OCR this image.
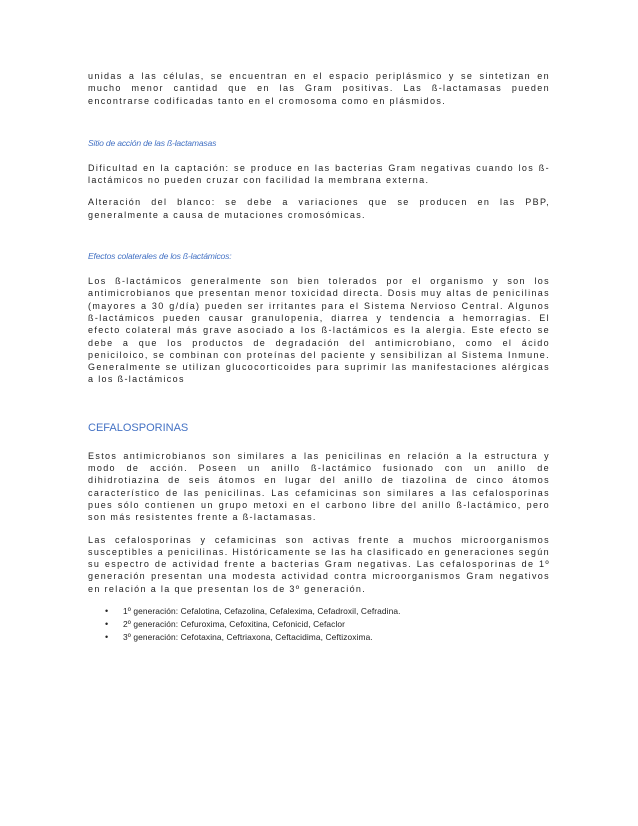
unidas a las células, se encuentran en el espacio periplásmico y se sintetizan en mucho menor cantidad que en las Gram positivas. Las ß-lactamasas pueden encontrarse codificadas tanto en el cromosoma como en plásmidos.

Sitio de acción de las ß-lactamasas

Dificultad en la captación: se produce en las bacterias Gram negativas cuando los ß-lactámicos no pueden cruzar con facilidad la membrana externa.

Alteración del blanco: se debe a variaciones que se producen en las PBP, generalmente a causa de mutaciones cromosómicas.

Efectos colaterales de los ß-lactámicos:

Los ß-lactámicos generalmente son bien tolerados por el organismo y son los antimicrobianos que presentan menor toxicidad directa. Dosis muy altas de penicilinas (mayores a 30 g/día) pueden ser irritantes para el Sistema Nervioso Central. Algunos ß-lactámicos pueden causar granulopenia, diarrea y tendencia a hemorragias. El efecto colateral más grave asociado a los ß-lactámicos es la alergia. Este efecto se debe a que los productos de degradación del antimicrobiano, como el ácido peniciloico, se combinan con proteínas del paciente y sensibilizan al Sistema Inmune. Generalmente se utilizan glucocorticoides para suprimir las manifestaciones alérgicas a los ß-lactámicos

CEFALOSPORINAS

Estos antimicrobianos son similares a las penicilinas en relación a la estructura y modo de acción. Poseen un anillo ß-lactámico fusionado con un anillo de dihidrotiazina de seis átomos en lugar del anillo de tiazolina de cinco átomos característico de las penicilinas. Las cefamicinas son similares a las cefalosporinas pues sólo contienen un grupo metoxi en el carbono libre del anillo ß-lactámico, pero son más resistentes frente a ß-lactamasas.

Las cefalosporinas y cefamicinas son activas frente a muchos microorganismos susceptibles a penicilinas. Históricamente se las ha clasificado en generaciones según su espectro de actividad frente a bacterias Gram negativas. Las cefalosporinas de 1º generación presentan una modesta actividad contra microorganismos Gram negativos en relación a la que presentan los de 3º generación.

• 1º generación: Cefalotina, Cefazolina, Cefalexima, Cefadroxil, Cefradina.
• 2º generación: Cefuroxima, Cefoxitina, Cefonicid, Cefaclor
• 3º generación: Cefotaxina, Ceftriaxona, Ceftacidima, Ceftizoxima.
